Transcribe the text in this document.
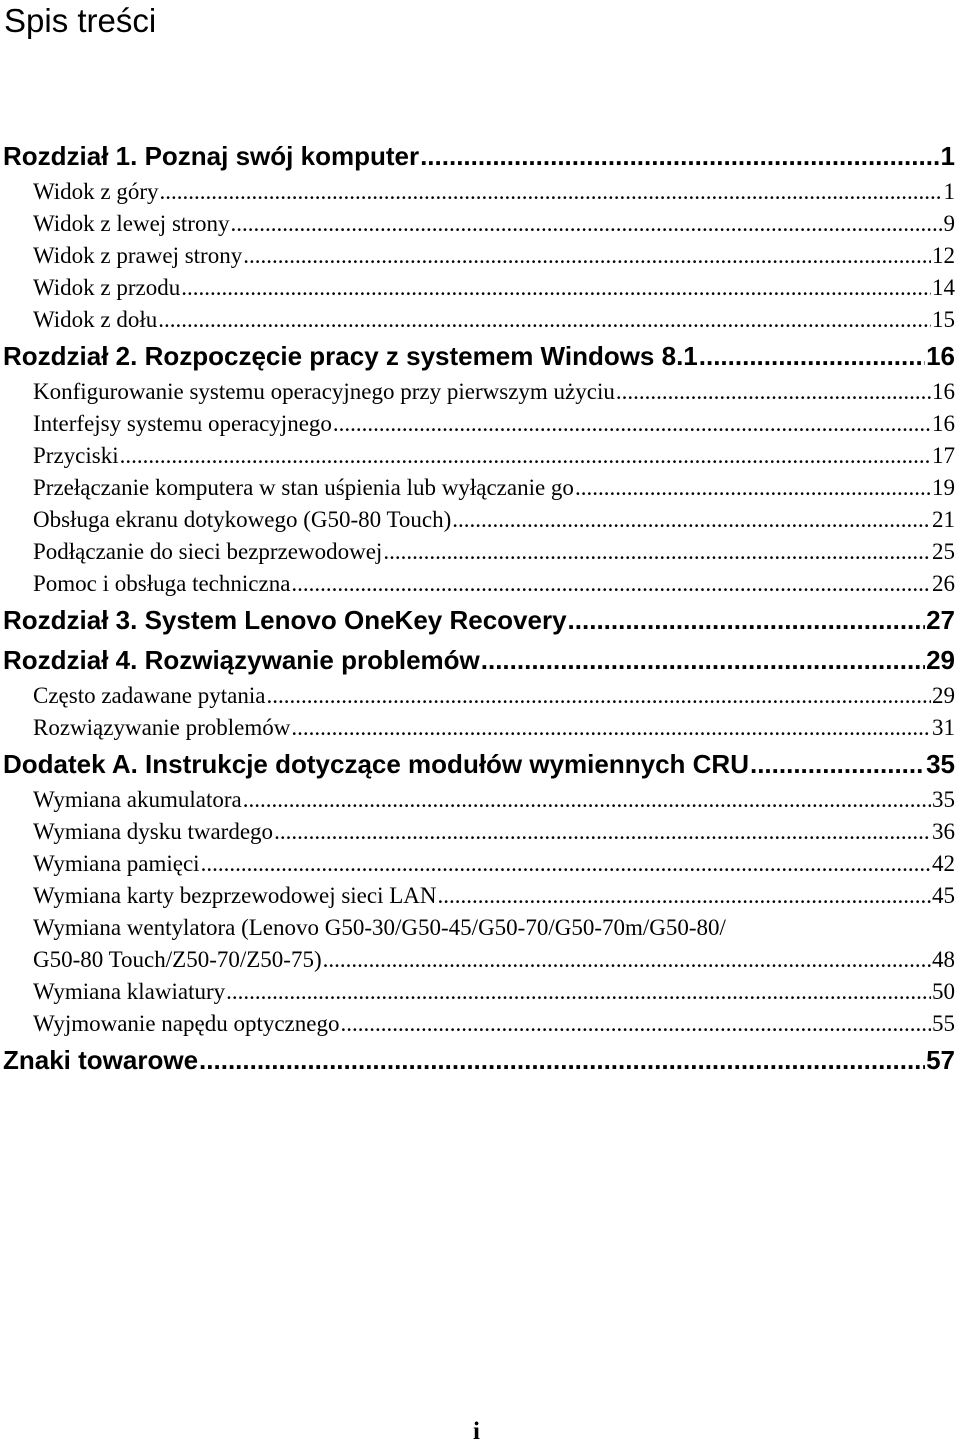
Spis treści
Rozdział 1. Poznaj swój komputer .....	1
Widok z góry .....	1
Widok z lewej strony .....	9
Widok z prawej strony .....	12
Widok z przodu .....	14
Widok z dołu .....	15
Rozdział 2. Rozpoczęcie pracy z systemem Windows 8.1 .....	16
Konfigurowanie systemu operacyjnego przy pierwszym użyciu .....	16
Interfejsy systemu operacyjnego .....	16
Przyciski .....	17
Przełączanie komputera w stan uśpienia lub wyłączanie go .....	19
Obsługa ekranu dotykowego (G50-80 Touch) .....	21
Podłączanie do sieci bezprzewodowej .....	25
Pomoc i obsługa techniczna .....	26
Rozdział 3. System Lenovo OneKey Recovery .....	27
Rozdział 4. Rozwiązywanie problemów .....	29
Często zadawane pytania .....	29
Rozwiązywanie problemów .....	31
Dodatek A. Instrukcje dotyczące modułów wymiennych CRU .....	35
Wymiana akumulatora .....	35
Wymiana dysku twardego .....	36
Wymiana pamięci .....	42
Wymiana karty bezprzewodowej sieci LAN .....	45
Wymiana wentylatora (Lenovo G50-30/G50-45/G50-70/G50-70m/G50-80/
G50-80 Touch/Z50-70/Z50-75) .....	48
Wymiana klawiatury .....	50
Wyjmowanie napędu optycznego .....	55
Znaki towarowe .....	57
i
